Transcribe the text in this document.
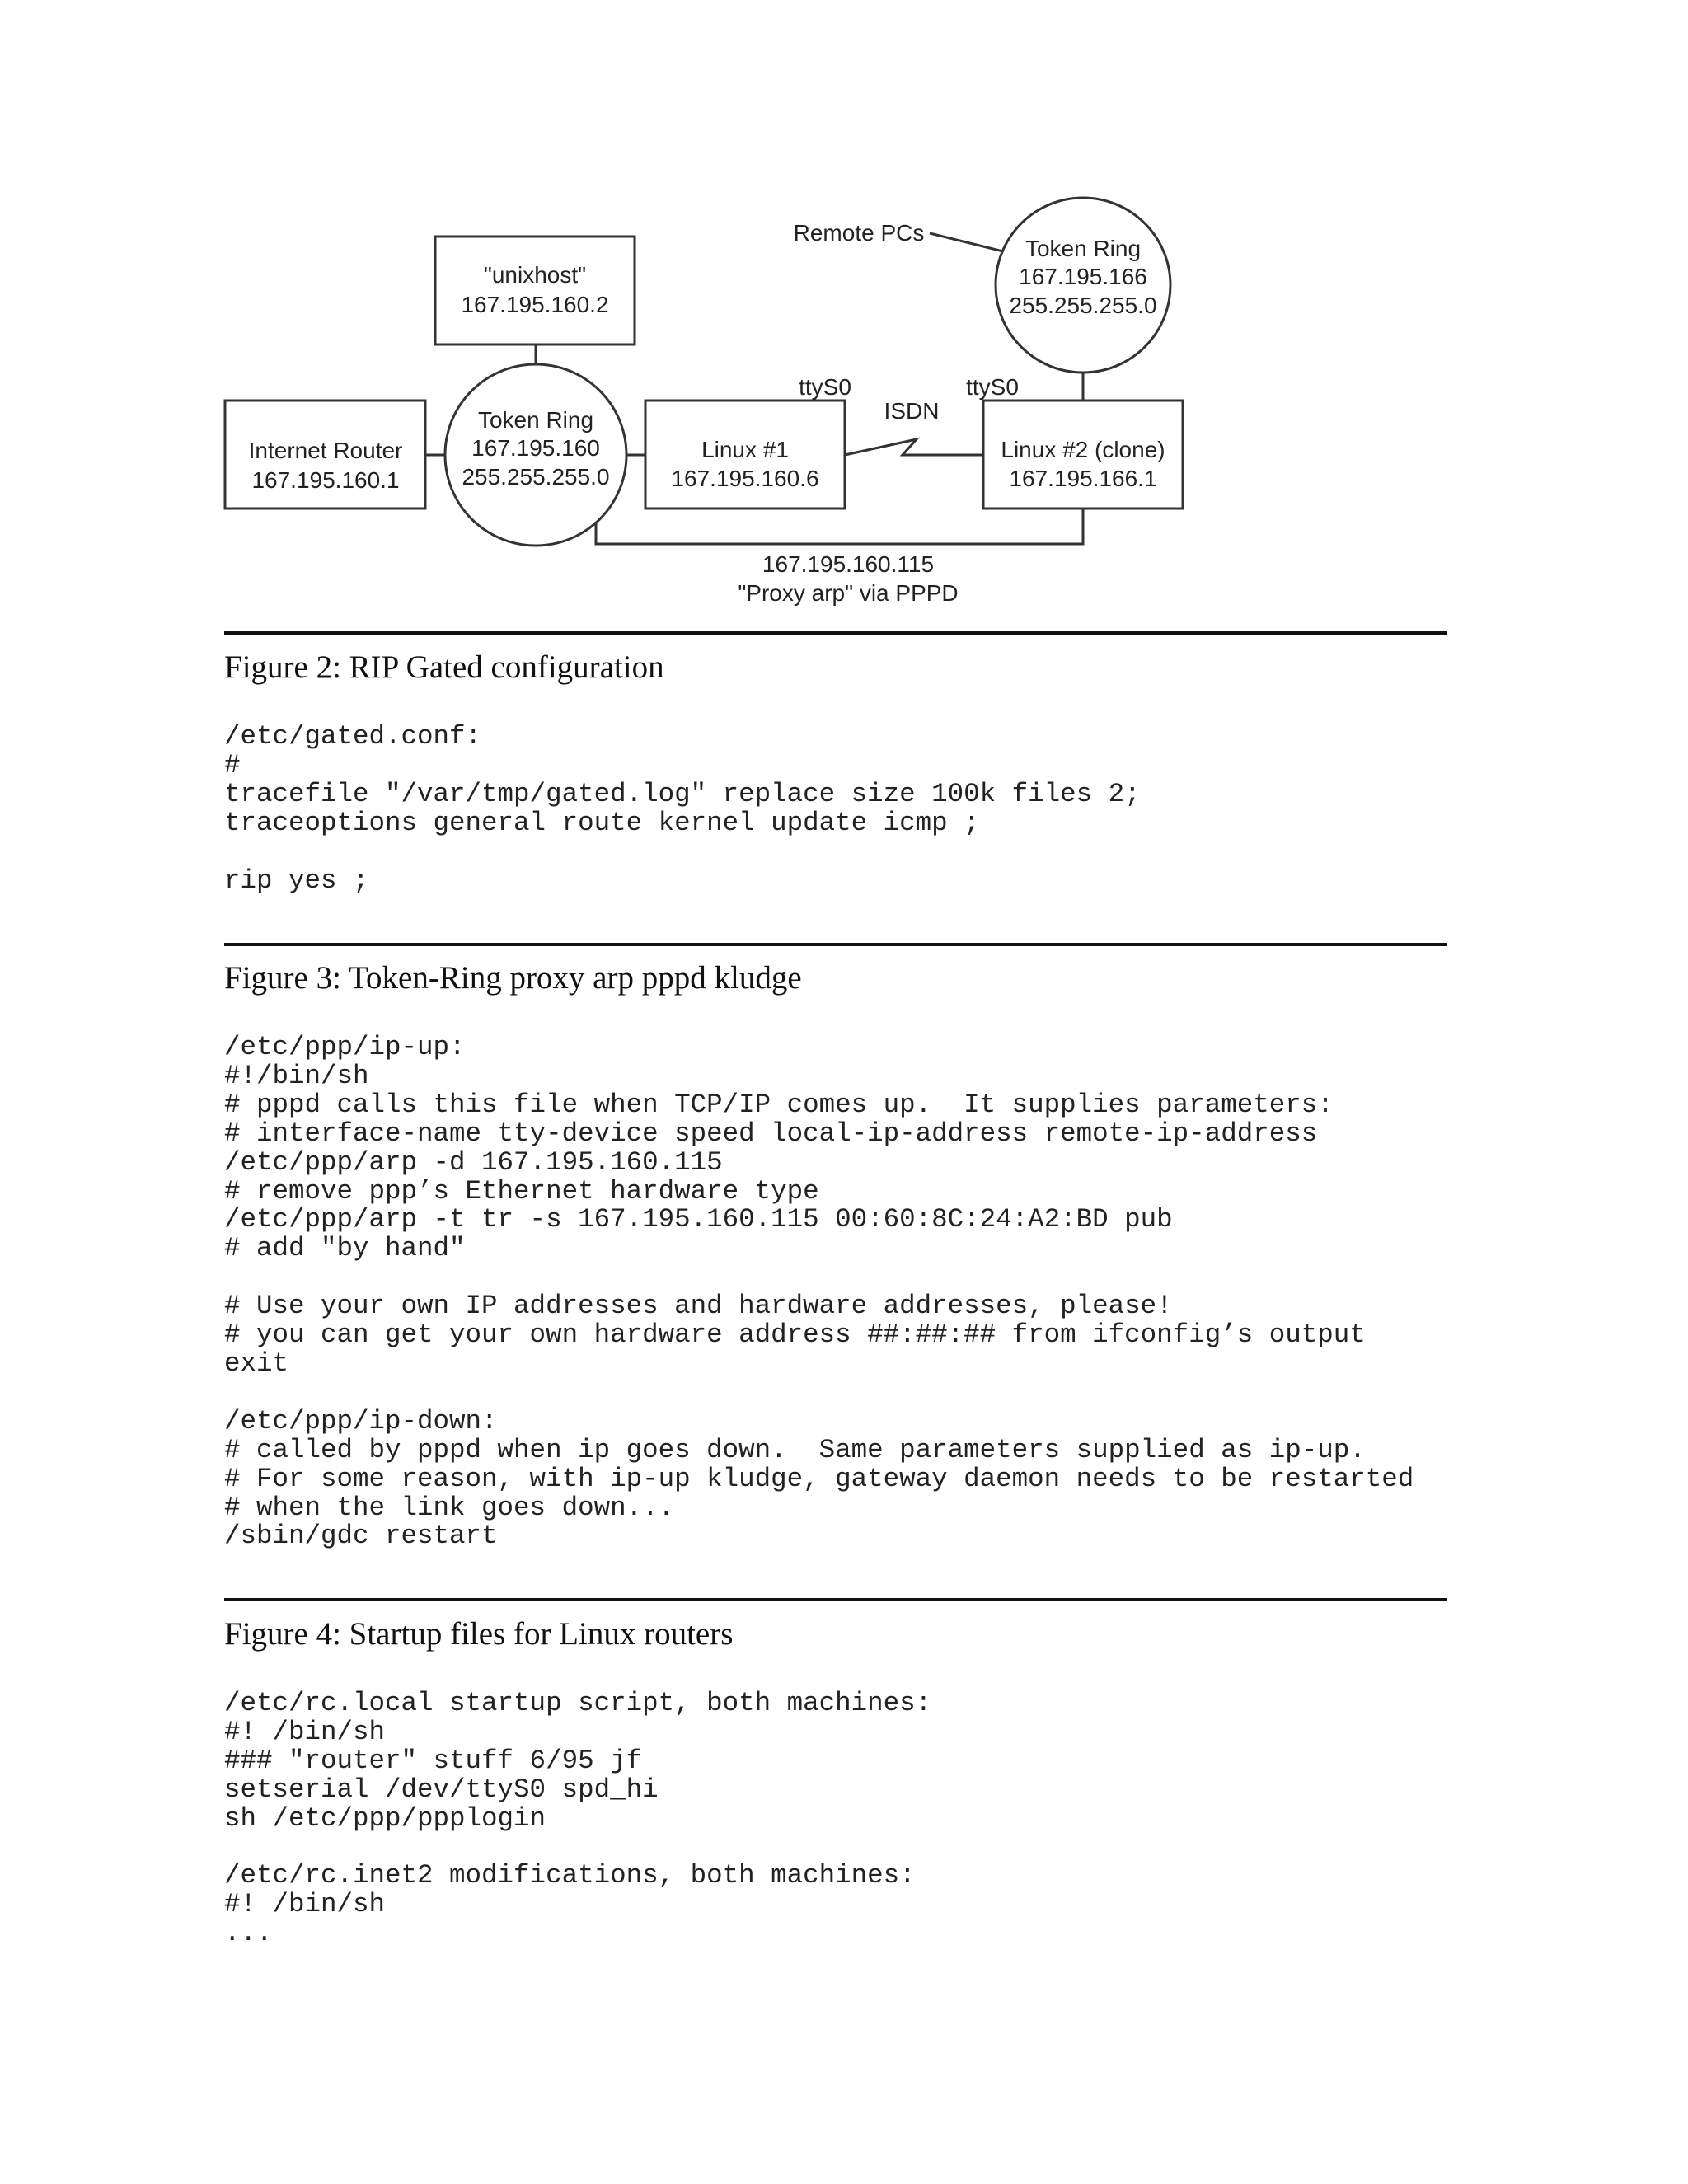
"unixhost"
167.195.160.2
Internet Router
167.195.160.1
Token Ring
167.195.160
255.255.255.0
Linux #1
167.195.160.6
Linux #2 (clone)
167.195.166.1
Token Ring
167.195.166
255.255.255.0
Remote PCs
ttyS0	ttyS0
ISDN
167.195.160.115
"Proxy arp" via PPPD
Figure 2: RIP Gated configuration
/etc/gated.conf:
#
tracefile "/var/tmp/gated.log" replace size 100k files 2;
traceoptions general route kernel update icmp ;

rip yes ;
Figure 3: Token-Ring proxy arp pppd kludge
/etc/ppp/ip-up:
#!/bin/sh
# pppd calls this file when TCP/IP comes up.  It supplies parameters:
# interface-name tty-device speed local-ip-address remote-ip-address
/etc/ppp/arp -d 167.195.160.115
# remove ppp’s Ethernet hardware type
/etc/ppp/arp -t tr -s 167.195.160.115 00:60:8C:24:A2:BD pub
# add "by hand"

# Use your own IP addresses and hardware addresses, please!
# you can get your own hardware address ##:##:## from ifconfig’s output
exit

/etc/ppp/ip-down:
# called by pppd when ip goes down.  Same parameters supplied as ip-up.
# For some reason, with ip-up kludge, gateway daemon needs to be restarted
# when the link goes down...
/sbin/gdc restart
Figure 4: Startup files for Linux routers
/etc/rc.local startup script, both machines:
#! /bin/sh
### "router" stuff 6/95 jf
setserial /dev/ttyS0 spd_hi
sh /etc/ppp/ppplogin

/etc/rc.inet2 modifications, both machines:
#! /bin/sh
...
